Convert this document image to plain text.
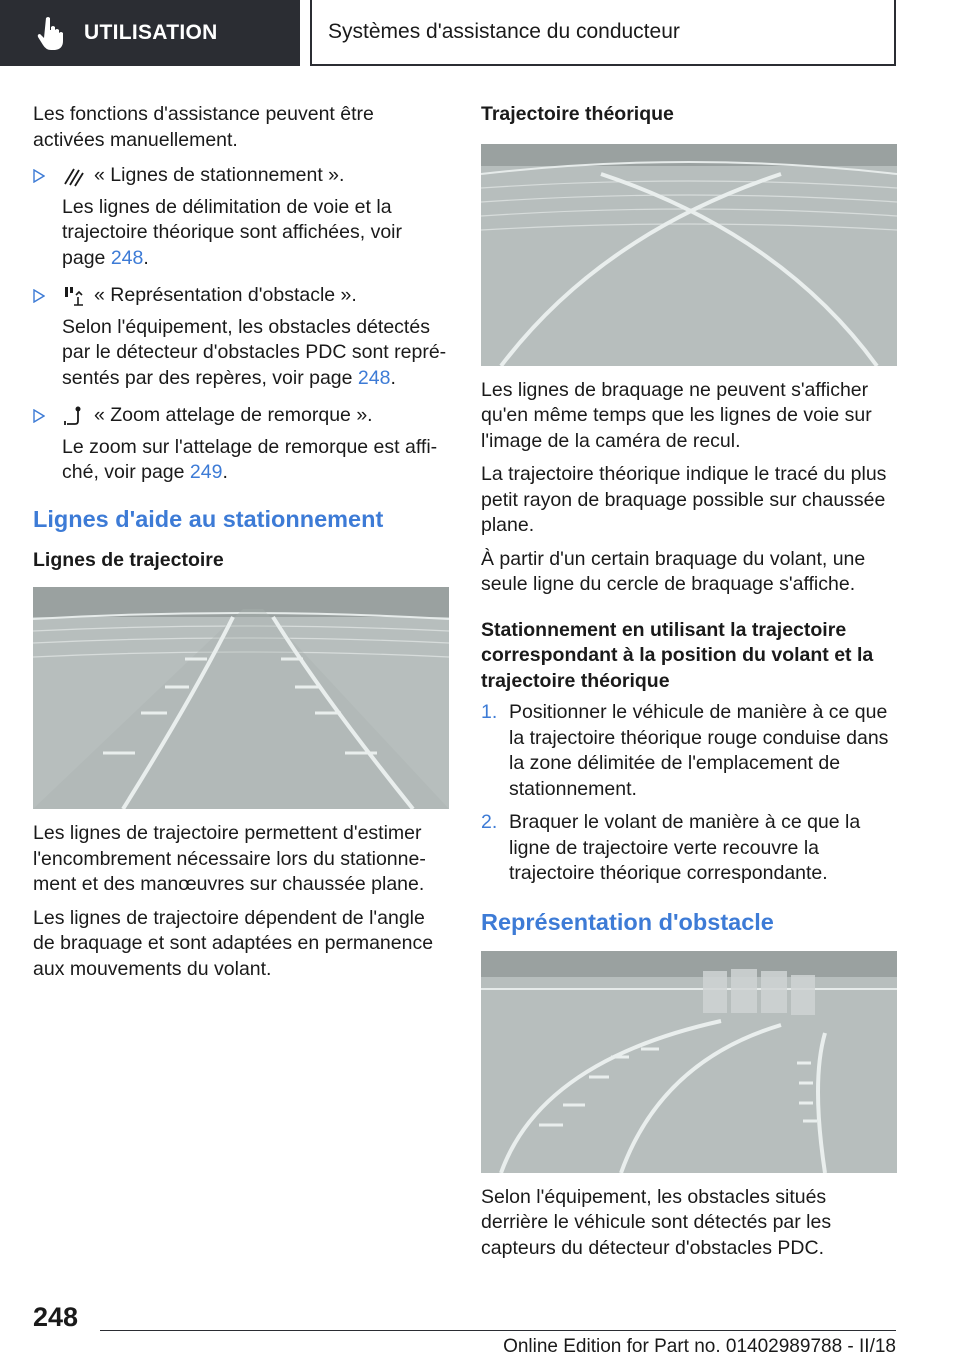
UTILISATION	Systèmes d'assistance du conducteur

Les fonctions d'assistance peuvent être activées manuellement.

« Lignes de stationnement ».
Les lignes de délimitation de voie et la trajectoire théorique sont affichées, voir page 248.
« Représentation d'obstacle ».
Selon l'équipement, les obstacles détectés par le détecteur d'obstacles PDC sont représentés par des repères, voir page 248.
« Zoom attelage de remorque ».
Le zoom sur l'attelage de remorque est affiché, voir page 249.
Lignes d'aide au stationnement
Lignes de trajectoire

Les lignes de trajectoire permettent d'estimer l'encombrement nécessaire lors du stationnement et des manœuvres sur chaussée plane.

Les lignes de trajectoire dépendent de l'angle de braquage et sont adaptées en permanence aux mouvements du volant.

Trajectoire théorique

Les lignes de braquage ne peuvent s'afficher qu'en même temps que les lignes de voie sur l'image de la caméra de recul.

La trajectoire théorique indique le tracé du plus petit rayon de braquage possible sur chaussée plane.

À partir d'un certain braquage du volant, une seule ligne du cercle de braquage s'affiche.

Stationnement en utilisant la trajectoire correspondant à la position du volant et la trajectoire théorique
1. Positionner le véhicule de manière à ce que la trajectoire théorique rouge conduise dans la zone délimitée de l'emplacement de stationnement.
2. Braquer le volant de manière à ce que la ligne de trajectoire verte recouvre la trajectoire théorique correspondante.
Représentation d'obstacle

Selon l'équipement, les obstacles situés derrière le véhicule sont détectés par les capteurs du détecteur d'obstacles PDC.

248
Online Edition for Part no. 01402989788 - II/18
